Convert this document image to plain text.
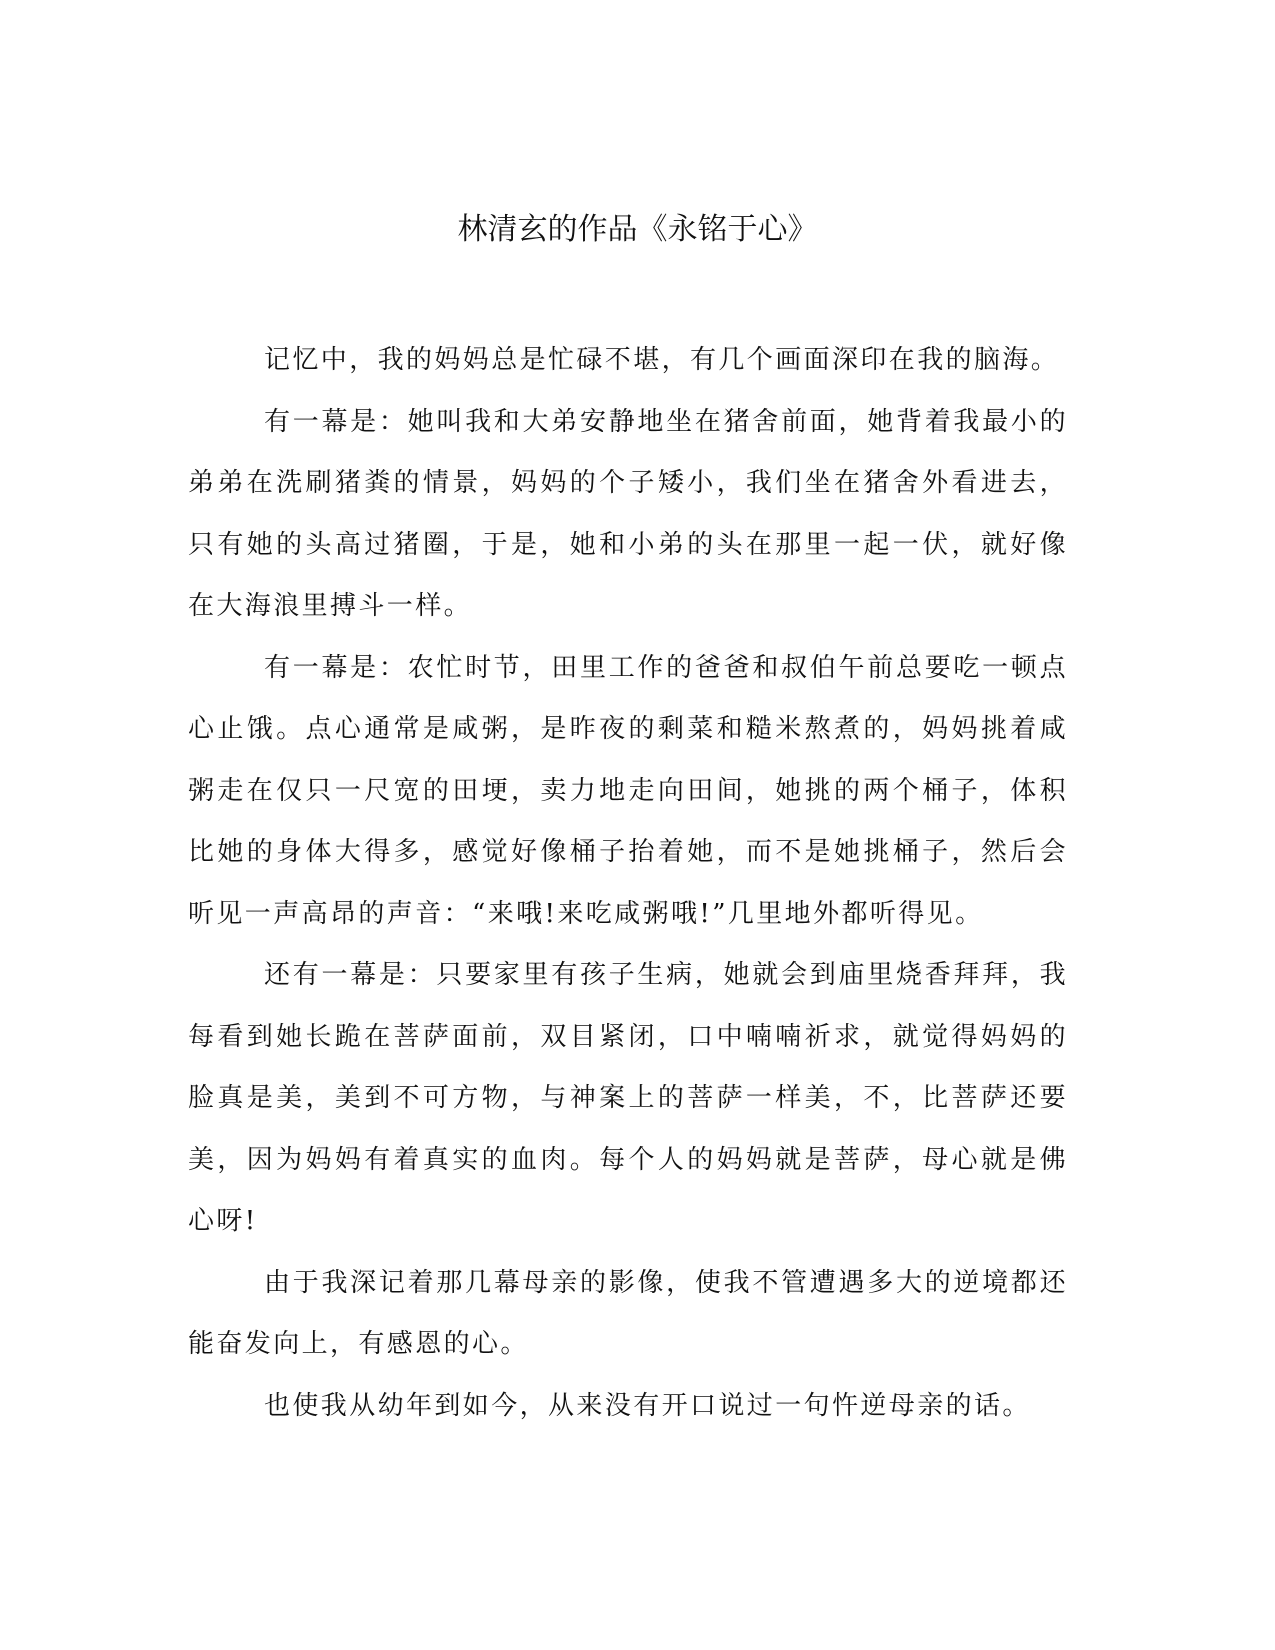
林清玄的作品《永铭于心》

记忆中，我的妈妈总是忙碌不堪，有几个画面深印在我的脑海。

有一幕是：她叫我和大弟安静地坐在猪舍前面，她背着我最小的弟弟在洗刷猪粪的情景，妈妈的个子矮小，我们坐在猪舍外看进去，只有她的头高过猪圈，于是，她和小弟的头在那里一起一伏，就好像在大海浪里搏斗一样。

有一幕是：农忙时节，田里工作的爸爸和叔伯午前总要吃一顿点心止饿。点心通常是咸粥，是昨夜的剩菜和糙米熬煮的，妈妈挑着咸粥走在仅只一尺宽的田埂，卖力地走向田间，她挑的两个桶子，体积比她的身体大得多，感觉好像桶子抬着她，而不是她挑桶子，然后会听见一声高昂的声音：“来哦!来吃咸粥哦!”几里地外都听得见。

还有一幕是：只要家里有孩子生病，她就会到庙里烧香拜拜，我每看到她长跪在菩萨面前，双目紧闭，口中喃喃祈求，就觉得妈妈的脸真是美，美到不可方物，与神案上的菩萨一样美，不，比菩萨还要美，因为妈妈有着真实的血肉。每个人的妈妈就是菩萨，母心就是佛心呀!

由于我深记着那几幕母亲的影像，使我不管遭遇多大的逆境都还能奋发向上，有感恩的心。

也使我从幼年到如今，从来没有开口说过一句忤逆母亲的话。
